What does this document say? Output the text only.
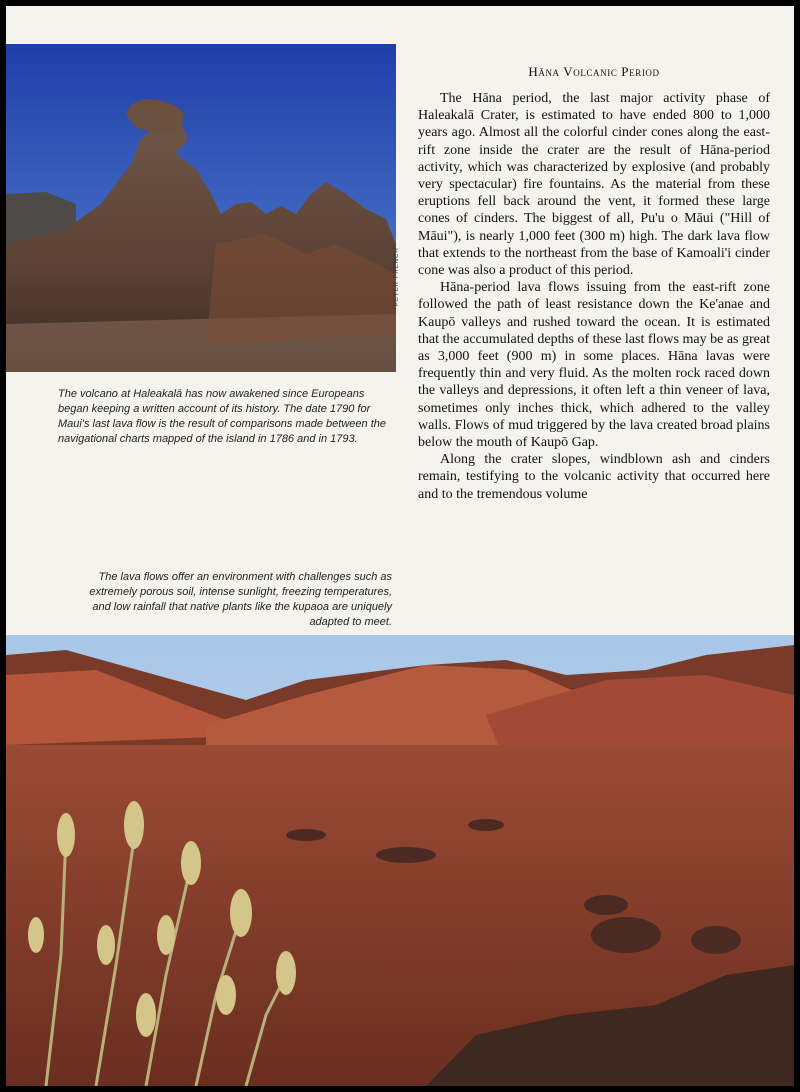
PETER FRENCH

The volcano at Haleakalā has now awakened since Europeans began keeping a written account of its history. The date 1790 for Maui's last lava flow is the result of comparisons made between the navigational charts mapped of the island in 1786 and in 1793.

The lava flows offer an environment with challenges such as extremely porous soil, intense sunlight, freezing temperatures, and low rainfall that native plants like the kupaoa are uniquely adapted to meet.

Hāna Volcanic Period

The Hāna period, the last major activity phase of Haleakalā Crater, is estimated to have ended 800 to 1,000 years ago. Almost all the colorful cinder cones along the east-rift zone inside the crater are the result of Hāna-period activity, which was characterized by explosive (and probably very spectacular) fire fountains. As the material from these eruptions fell back around the vent, it formed these large cones of cinders. The biggest of all, Pu'u o Māui ("Hill of Māui"), is nearly 1,000 feet (300 m) high. The dark lava flow that extends to the northeast from the base of Kamoali'i cinder cone was also a product of this period.

Hāna-period lava flows issuing from the east-rift zone followed the path of least resistance down the Ke'anae and Kaupō valleys and rushed toward the ocean. It is estimated that the accumulated depths of these last flows may be as great as 3,000 feet (900 m) in some places. Hāna lavas were frequently thin and very fluid. As the molten rock raced down the valleys and depressions, it often left a thin veneer of lava, sometimes only inches thick, which adhered to the valley walls. Flows of mud triggered by the lava created broad plains below the mouth of Kaupō Gap.

Along the crater slopes, windblown ash and cinders remain, testifying to the volcanic activity that occurred here and to the tremendous volume
